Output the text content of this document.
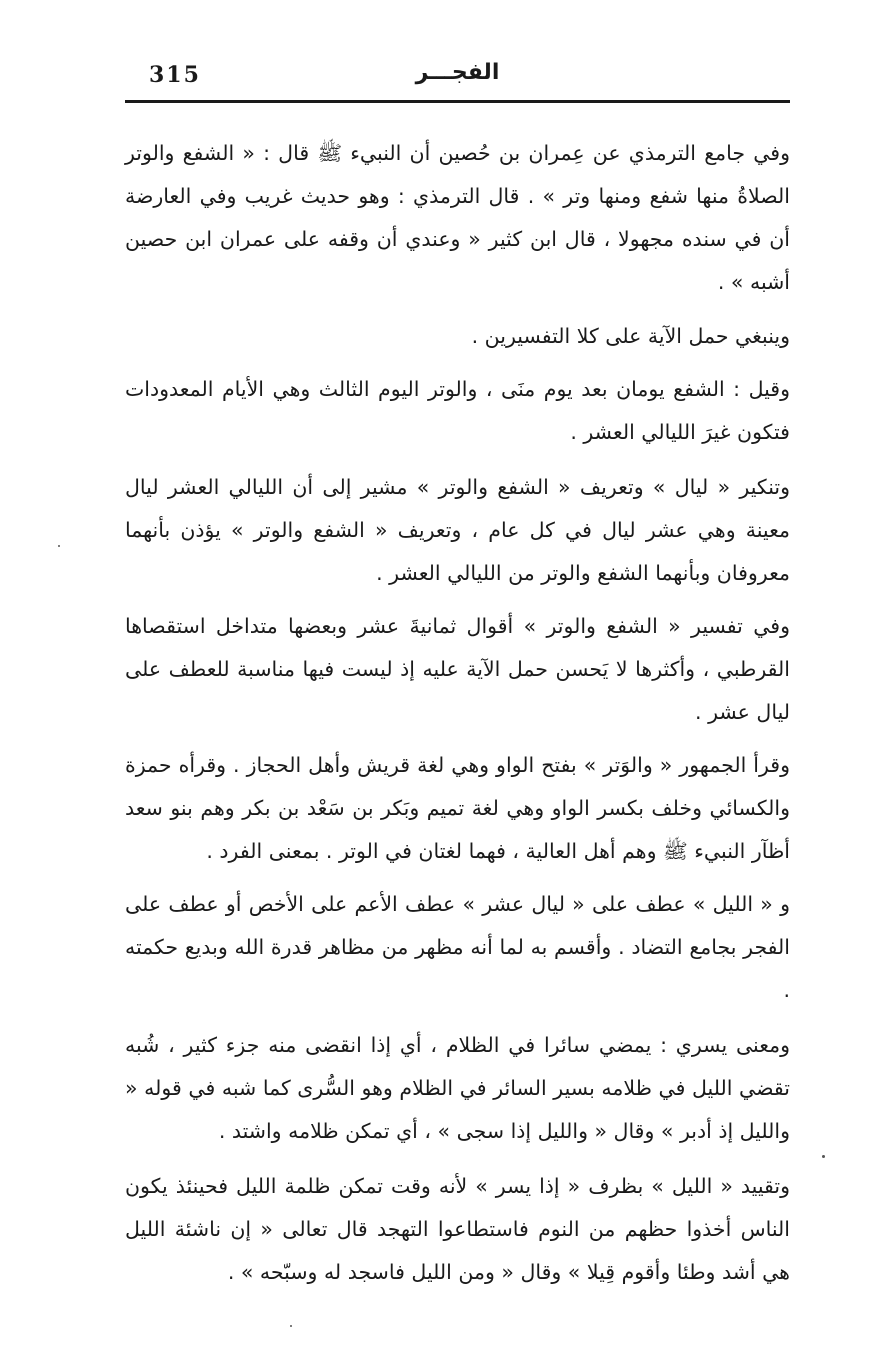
315	الفجـــر

وفي جامع الترمذي عن عِمران بن حُصين أن النبيء ﷺ قال : « الشفع والوتر الصلاةُ منها شفع ومنها وتر » . قال الترمذي : وهو حديث غريب وفي العارضة أن في سنده مجهولا ، قال ابن كثير « وعندي أن وقفه على عمران ابن حصين أشبه » .

وينبغي حمل الآية على كلا التفسيرين .

وقيل : الشفع يومان بعد يوم منَى ، والوتر اليوم الثالث وهي الأيام المعدودات فتكون غيرَ الليالي العشر .

وتنكير « ليال » وتعريف « الشفع والوتر » مشير إلى أن الليالي العشر ليال معينة وهي عشر ليال في كل عام ، وتعريف « الشفع والوتر » يؤذن بأنهما معروفان وبأنهما الشفع والوتر من الليالي العشر .

وفي تفسير « الشفع والوتر » أقوال ثمانيةَ عشر وبعضها متداخل استقصاها القرطبي ، وأكثرها لا يَحسن حمل الآية عليه إذ ليست فيها مناسبة للعطف على ليال عشر .

وقرأ الجمهور « والوَتر » بفتح الواو وهي لغة قريش وأهل الحجاز . وقرأه حمزة والكسائي وخلف بكسر الواو وهي لغة تميم وبَكر بن سَعْد بن بكر وهم بنو سعد أظآر النبيء ﷺ وهم أهل العالية ، فهما لغتان في الوتر . بمعنى الفرد .

و « الليل » عطف على « ليال عشر » عطف الأعم على الأخص أو عطف على الفجر بجامع التضاد . وأقسم به لما أنه مظهر من مظاهر قدرة الله وبديع حكمته .

ومعنى يسري : يمضي سائرا في الظلام ، أي إذا انقضى منه جزء كثير ، شُبه تقضي الليل في ظلامه بسير السائر في الظلام وهو السُّرى كما شبه في قوله « والليل إذ أدبر » وقال « والليل إذا سجى » ، أي تمكن ظلامه واشتد .

وتقييد « الليل » بظرف « إذا يسر » لأنه وقت تمكن ظلمة الليل فحينئذ يكون الناس أخذوا حظهم من النوم فاستطاعوا التهجد قال تعالى « إن ناشئة الليل هي أشد وطئا وأقوم قِيلا » وقال « ومن الليل فاسجد له وسبّحه » .
